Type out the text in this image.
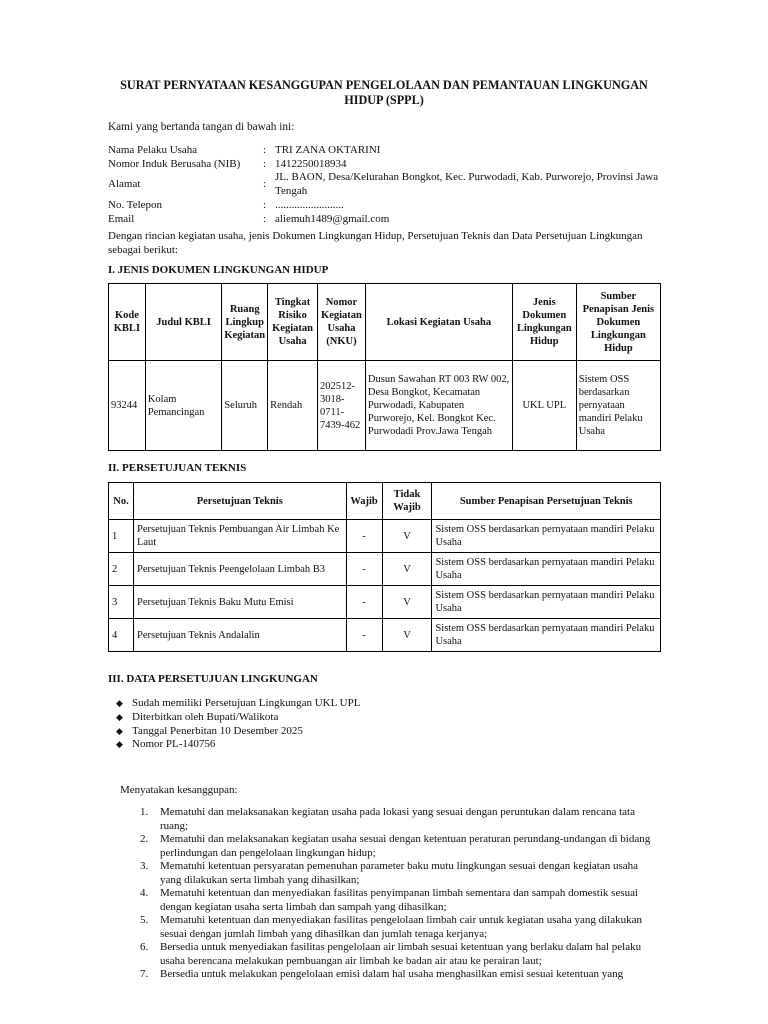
SURAT PERNYATAAN KESANGGUPAN PENGELOLAAN DAN PEMANTAUAN LINGKUNGAN HIDUP (SPPL)
Kami yang bertanda tangan di bawah ini:
Nama Pelaku Usaha	:	TRI ZANA OKTARINI
Nomor Induk Berusaha (NIB)	:	1412250018934
Alamat	:	JL. BAON, Desa/Kelurahan Bongkot, Kec. Purwodadi, Kab. Purworejo, Provinsi Jawa Tengah
No. Telepon	:	.........................
Email	:	aliemuh1489@gmail.com
Dengan rincian kegiatan usaha, jenis Dokumen Lingkungan Hidup, Persetujuan Teknis dan Data Persetujuan Lingkungan sebagai berikut:
I. JENIS DOKUMEN LINGKUNGAN HIDUP
Kode KBLI	Judul KBLI	Ruang Lingkup Kegiatan	Tingkat Risiko Kegiatan Usaha	Nomor Kegiatan Usaha (NKU)	Lokasi Kegiatan Usaha	Jenis Dokumen Lingkungan Hidup	Sumber Penapisan Jenis Dokumen Lingkungan Hidup
93244	Kolam Pemancingan	Seluruh	Rendah	202512-3018-0711-7439-462	Dusun Sawahan RT 003 RW 002, Desa Bongkot, Kecamatan Purwodadi, Kabupaten Purworejo, Kel. Bongkot Kec. Purwodadi Prov.Jawa Tengah	UKL UPL	Sistem OSS berdasarkan pernyataan mandiri Pelaku Usaha
II. PERSETUJUAN TEKNIS
No.	Persetujuan Teknis	Wajib	Tidak Wajib	Sumber Penapisan Persetujuan Teknis
1	Persetujuan Teknis Pembuangan Air Limbah Ke Laut	-	V	Sistem OSS berdasarkan pernyataan mandiri Pelaku Usaha
2	Persetujuan Teknis Peengelolaan Limbah B3	-	V	Sistem OSS berdasarkan pernyataan mandiri Pelaku Usaha
3	Persetujuan Teknis Baku Mutu Emisi	-	V	Sistem OSS berdasarkan pernyataan mandiri Pelaku Usaha
4	Persetujuan Teknis Andalalin	-	V	Sistem OSS berdasarkan pernyataan mandiri Pelaku Usaha
III. DATA PERSETUJUAN LINGKUNGAN
◆ Sudah memiliki Persetujuan Lingkungan UKL UPL
◆ Diterbitkan oleh Bupati/Walikota
◆ Tanggal Penerbitan 10 Desember 2025
◆ Nomor PL-140756
Menyatakan kesanggupan:
1. Mematuhi dan melaksanakan kegiatan usaha pada lokasi yang sesuai dengan peruntukan dalam rencana tata ruang;
2. Mematuhi dan melaksanakan kegiatan usaha sesuai dengan ketentuan peraturan perundang-undangan di bidang perlindungan dan pengelolaan lingkungan hidup;
3. Mematuhi ketentuan persyaratan pemenuhan parameter baku mutu lingkungan sesuai dengan kegiatan usaha yang dilakukan serta limbah yang dihasilkan;
4. Mematuhi ketentuan dan menyediakan fasilitas penyimpanan limbah sementara dan sampah domestik sesuai dengan kegiatan usaha serta limbah dan sampah yang dihasilkan;
5. Mematuhi ketentuan dan menyediakan fasilitas pengelolaan limbah cair untuk kegiatan usaha yang dilakukan sesuai dengan jumlah limbah yang dihasilkan dan jumlah tenaga kerjanya;
6. Bersedia untuk menyediakan fasilitas pengelolaan air limbah sesuai ketentuan yang berlaku dalam hal pelaku usaha berencana melakukan pembuangan air limbah ke badan air atau ke perairan laut;
7. Bersedia untuk melakukan pengelolaan emisi dalam hal usaha menghasilkan emisi sesuai ketentuan yang
